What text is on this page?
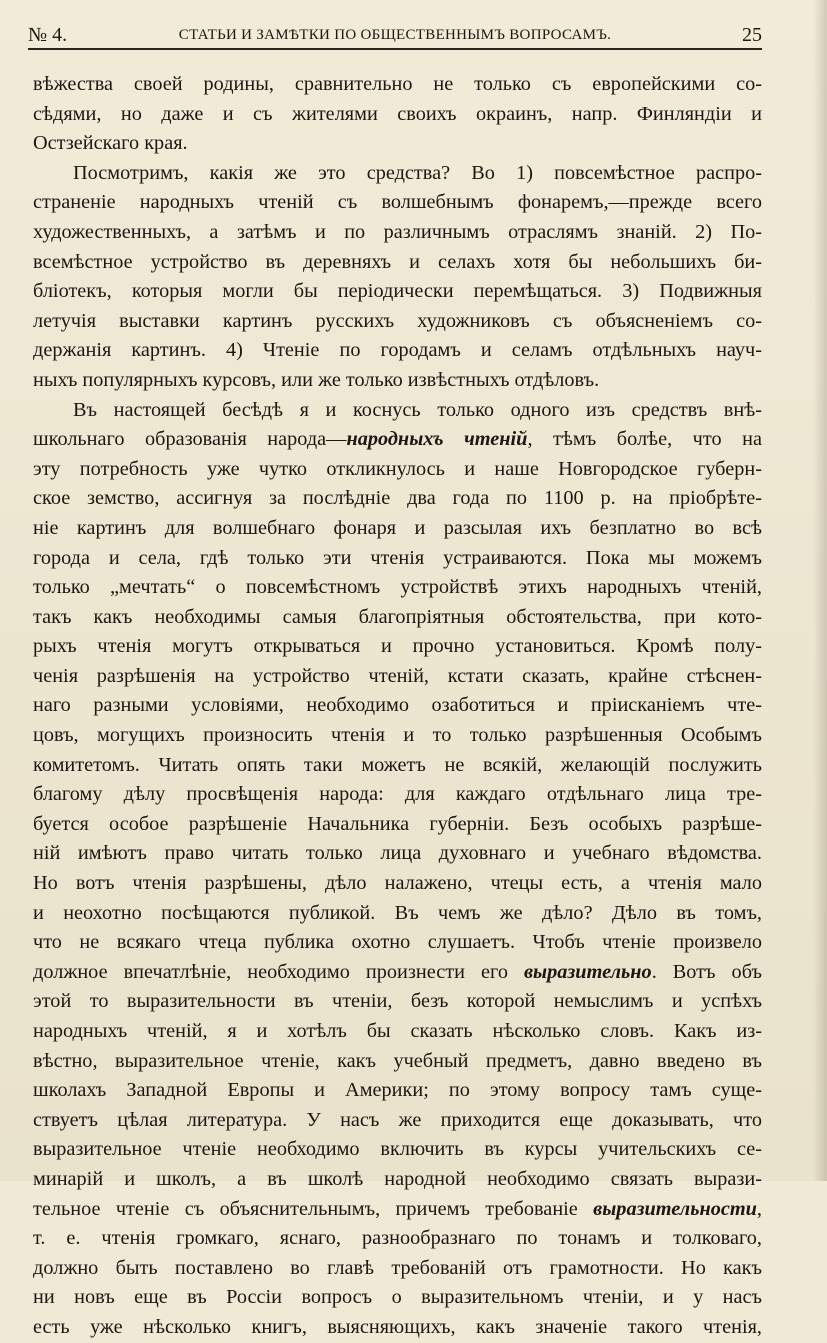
№ 4.	СТАТЬИ И ЗАМѢТКИ ПО ОБЩЕСТВЕННЫМЪ ВОПРОСАМЪ.	25
вѣжества своей родины, сравнительно не только съ европейскими со-
сѣдями, но даже и съ жителями своихъ окраинъ, напр. Финляндіи и
Остзейскаго края.
Посмотримъ, какія же это средства? Во 1) повсемѣстное распро-
страненіе народныхъ чтеній съ волшебнымъ фонаремъ,—прежде всего
художественныхъ, а затѣмъ и по различнымъ отраслямъ знаній. 2) По-
всемѣстное устройство въ деревняхъ и селахъ хотя бы небольшихъ би-
бліотекъ, которыя могли бы періодически перемѣщаться. 3) Подвижныя
летучія выставки картинъ русскихъ художниковъ съ объясненіемъ со-
держанія картинъ. 4) Чтеніе по городамъ и селамъ отдѣльныхъ науч-
ныхъ популярныхъ курсовъ, или же только извѣстныхъ отдѣловъ.
Въ настоящей бесѣдѣ я и коснусь только одного изъ средствъ внѣ-
школьнаго образованія народа—народныхъ чтеній, тѣмъ болѣе, что на
эту потребность уже чутко откликнулось и наше Новгородское губерн-
ское земство, ассигнуя за послѣдніе два года по 1100 р. на пріобрѣте-
ніе картинъ для волшебнаго фонаря и разсылая ихъ безплатно во всѣ
города и села, гдѣ только эти чтенія устраиваются. Пока мы можемъ
только „мечтать“ о повсемѣстномъ устройствѣ этихъ народныхъ чтеній,
такъ какъ необходимы самыя благопріятныя обстоятельства, при кото-
рыхъ чтенія могутъ открываться и прочно установиться. Кромѣ полу-
ченія разрѣшенія на устройство чтеній, кстати сказать, крайне стѣснен-
наго разными условіями, необходимо озаботиться и пріисканіемъ чте-
цовъ, могущихъ произносить чтенія и то только разрѣшенныя Особымъ
комитетомъ. Читать опять таки можетъ не всякій, желающій послужить
благому дѣлу просвѣщенія народа: для каждаго отдѣльнаго лица тре-
буется особое разрѣшеніе Начальника губерніи. Безъ особыхъ разрѣше-
ній имѣютъ право читать только лица духовнаго и учебнаго вѣдомства.
Но вотъ чтенія разрѣшены, дѣло налажено, чтецы есть, а чтенія мало
и неохотно посѣщаются публикой. Въ чемъ же дѣло? Дѣло въ томъ,
что не всякаго чтеца публика охотно слушаетъ. Чтобъ чтеніе произвело
должное впечатлѣніе, необходимо произнести его выразительно. Вотъ объ
этой то выразительности въ чтеніи, безъ которой немыслимъ и успѣхъ
народныхъ чтеній, я и хотѣлъ бы сказать нѣсколько словъ. Какъ из-
вѣстно, выразительное чтеніе, какъ учебный предметъ, давно введено въ
школахъ Западной Европы и Америки; по этому вопросу тамъ суще-
ствуетъ цѣлая литература. У насъ же приходится еще доказывать, что
выразительное чтеніе необходимо включить въ курсы учительскихъ се-
минарій и школъ, а въ школѣ народной необходимо связать вырази-
тельное чтеніе съ объяснительнымъ, причемъ требованіе выразительности,
т. е. чтенія громкаго, яснаго, разнообразнаго по тонамъ и толковаго,
должно быть поставлено во главѣ требованій отъ грамотности. Но какъ
ни новъ еще въ Россіи вопросъ о выразительномъ чтеніи, и у насъ
есть уже нѣсколько книгъ, выясняющихъ, какъ значеніе такого чтенія,
